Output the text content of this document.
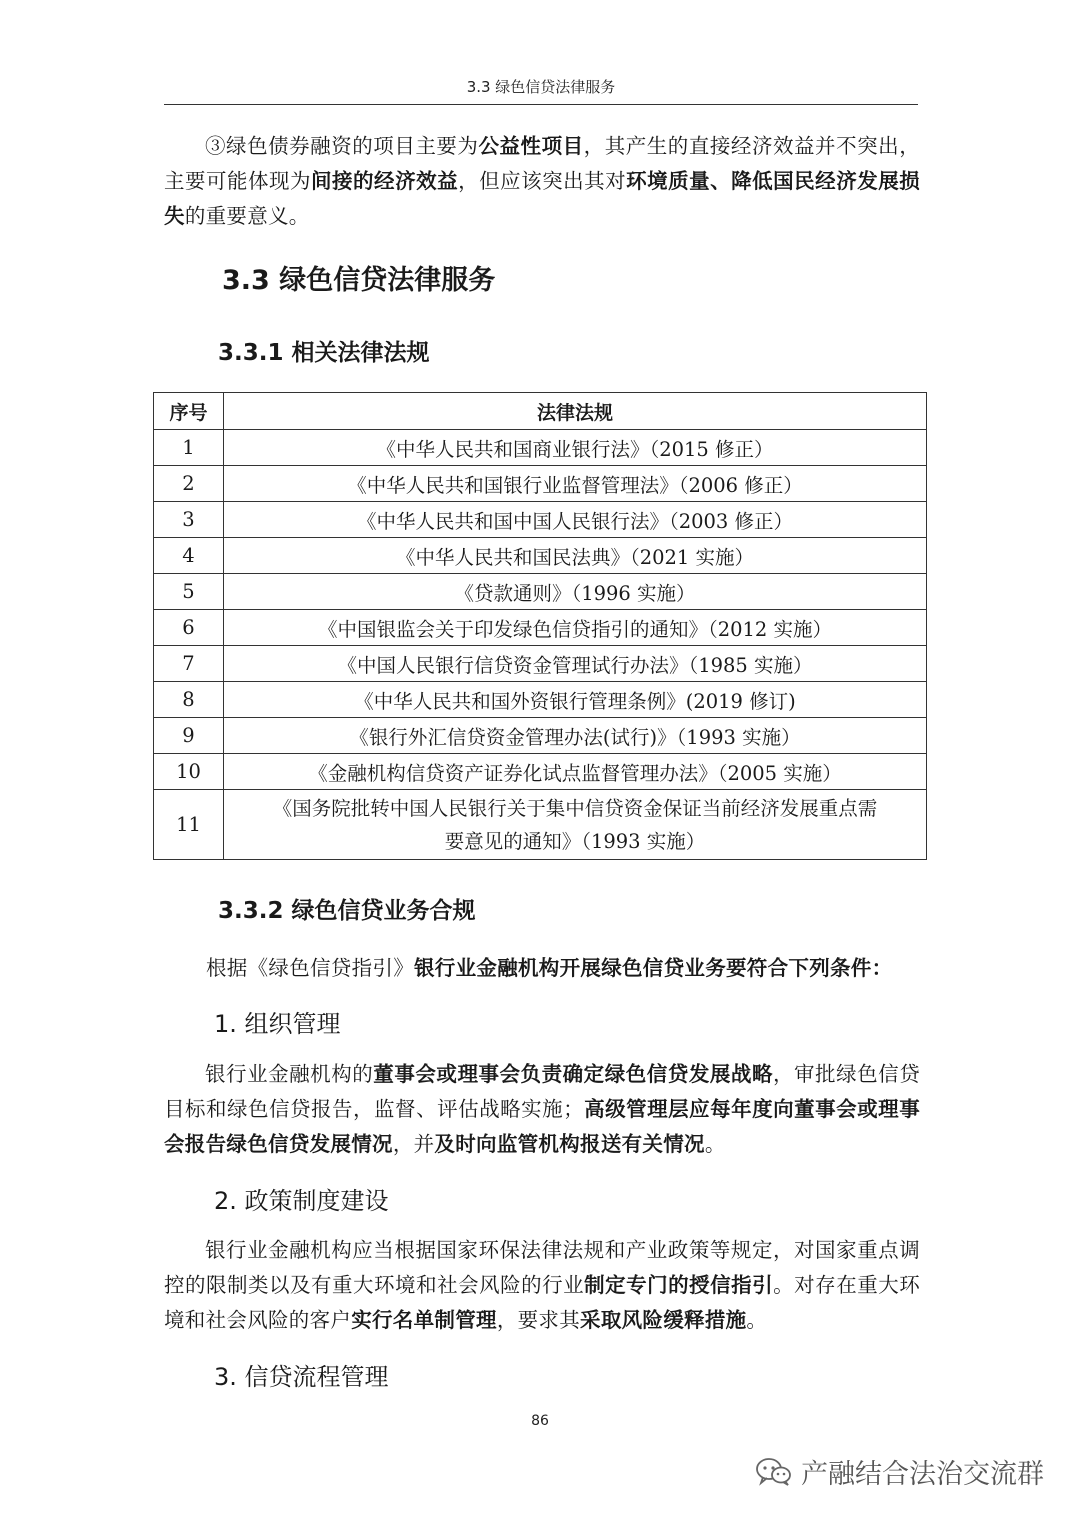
3.3 绿色信贷法律服务
③绿色债券融资的项目主要为公益性项目，其产生的直接经济效益并不突出，主要可能体现为间接的经济效益，但应该突出其对环境质量、降低国民经济发展损失的重要意义。
3.3 绿色信贷法律服务
3.3.1 相关法律法规
序号	法律法规
1	《中华人民共和国商业银行法》（2015 修正）
2	《中华人民共和国银行业监督管理法》（2006 修正）
3	《中华人民共和国中国人民银行法》（2003 修正）
4	《中华人民共和国民法典》（2021 实施）
5	《贷款通则》（1996 实施）
6	《中国银监会关于印发绿色信贷指引的通知》（2012 实施）
7	《中国人民银行信贷资金管理试行办法》（1985 实施）
8	《中华人民共和国外资银行管理条例》(2019 修订)
9	《银行外汇信贷资金管理办法(试行)》（1993 实施）
10	《金融机构信贷资产证券化试点监督管理办法》（2005 实施）
11	《国务院批转中国人民银行关于集中信贷资金保证当前经济发展重点需
要意见的通知》（1993 实施）
3.3.2 绿色信贷业务合规
根据《绿色信贷指引》银行业金融机构开展绿色信贷业务要符合下列条件：
1. 组织管理
银行业金融机构的董事会或理事会负责确定绿色信贷发展战略，审批绿色信贷目标和绿色信贷报告，监督、评估战略实施；高级管理层应每年度向董事会或理事会报告绿色信贷发展情况，并及时向监管机构报送有关情况。
2. 政策制度建设
银行业金融机构应当根据国家环保法律法规和产业政策等规定，对国家重点调控的限制类以及有重大环境和社会风险的行业制定专门的授信指引。对存在重大环境和社会风险的客户实行名单制管理，要求其采取风险缓释措施。
3. 信贷流程管理
86
产融结合法治交流群
